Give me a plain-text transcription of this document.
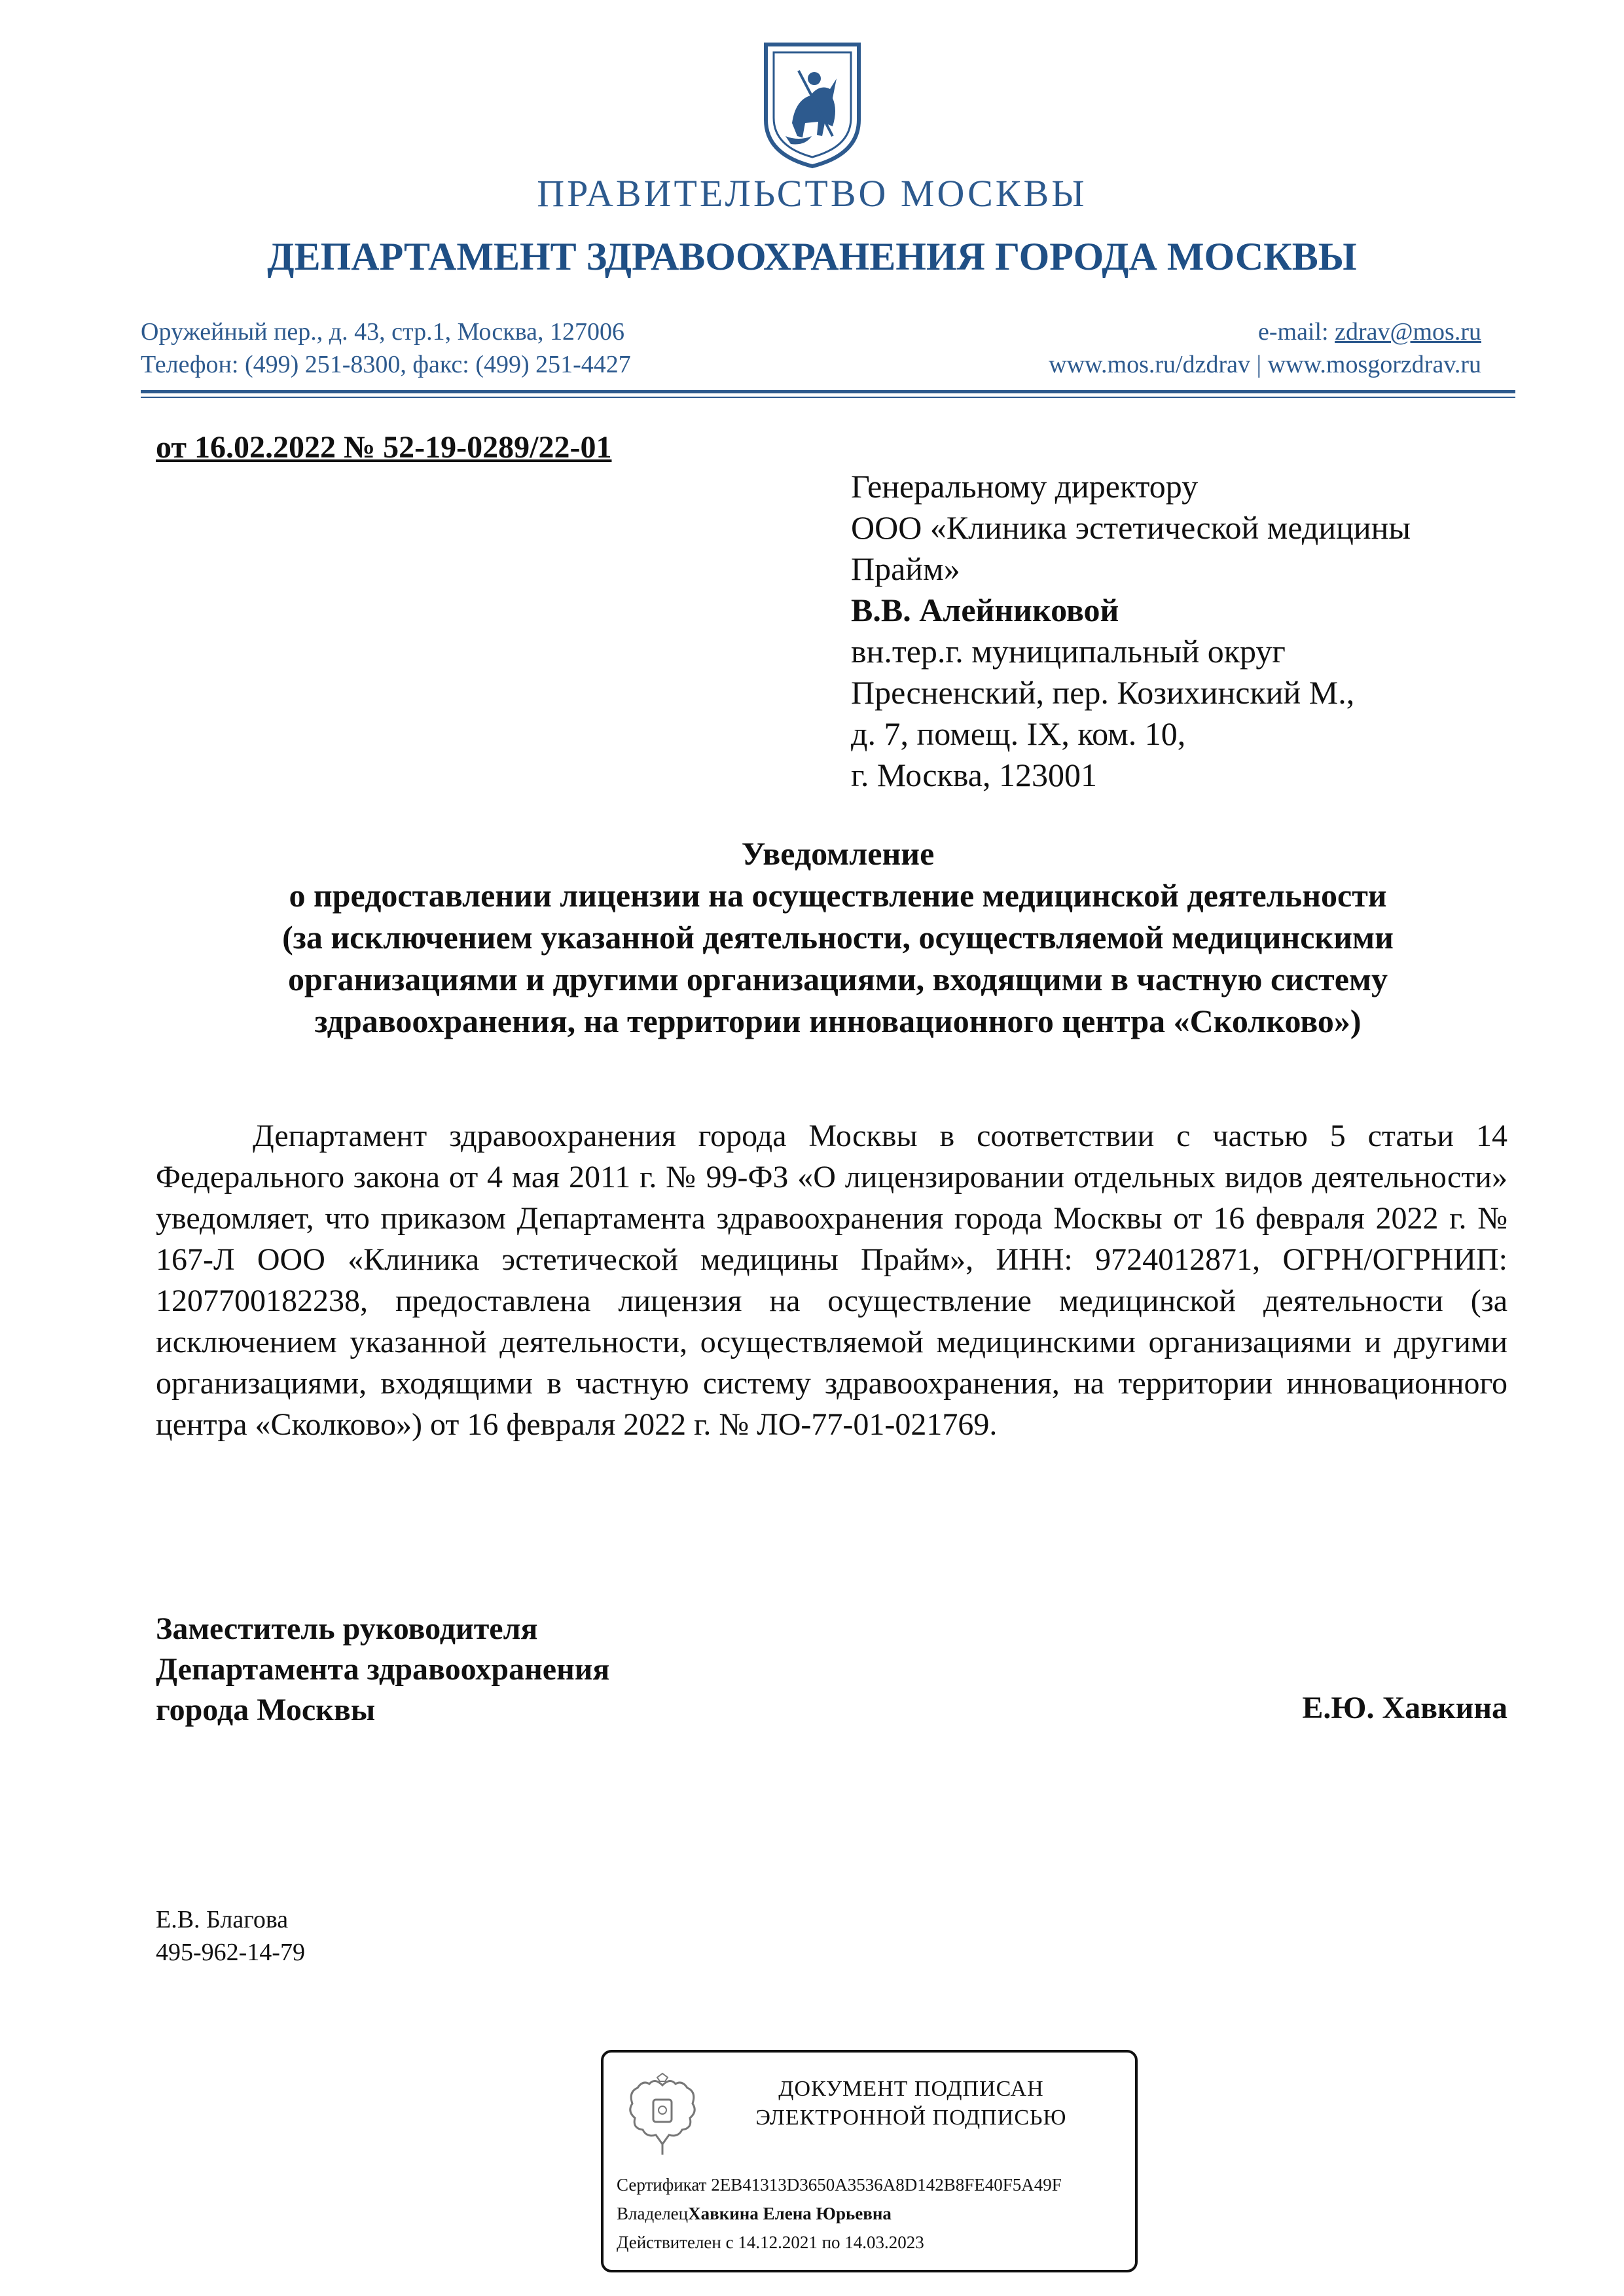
ПРАВИТЕЛЬСТВО МОСКВЫ
ДЕПАРТАМЕНТ ЗДРАВООХРАНЕНИЯ ГОРОДА МОСКВЫ
Оружейный пер., д. 43, стр.1, Москва, 127006
Телефон: (499) 251-8300, факс: (499) 251-4427
e-mail: zdrav@mos.ru
www.mos.ru/dzdrav | www.mosgorzdrav.ru
от 16.02.2022 № 52-19-0289/22-01
Генеральному директору
ООО «Клиника эстетической медицины
Прайм»
В.В. Алейниковой
вн.тер.г. муниципальный округ
Пресненский, пер. Козихинский М.,
д. 7, помещ. IX, ком. 10,
г. Москва, 123001
Уведомление
о предоставлении лицензии на осуществление медицинской деятельности
(за исключением указанной деятельности, осуществляемой медицинскими
организациями и другими организациями, входящими в частную систему
здравоохранения, на территории инновационного центра «Сколково»)
Департамент здравоохранения города Москвы в соответствии с частью 5 статьи 14 Федерального закона от 4 мая 2011 г. № 99-ФЗ «О лицензировании отдельных видов деятельности» уведомляет, что приказом Департамента здравоохранения города Москвы от 16 февраля 2022 г. № 167-Л ООО «Клиника эстетической медицины Прайм», ИНН: 9724012871, ОГРН/ОГРНИП: 1207700182238, предоставлена лицензия на осуществление медицинской деятельности (за исключением указанной деятельности, осуществляемой медицинскими организациями и другими организациями, входящими в частную систему здравоохранения, на территории инновационного центра «Сколково») от 16 февраля 2022 г. № ЛО-77-01-021769.
Заместитель руководителя
Департамента здравоохранения
города Москвы	Е.Ю. Хавкина
Е.В. Благова
495-962-14-79
ДОКУМЕНТ ПОДПИСАН
ЭЛЕКТРОННОЙ ПОДПИСЬЮ
Сертификат 2EB41313D3650A3536A8D142B8FE40F5A49F
ВладелецХавкина Елена Юрьевна
Действителен с 14.12.2021 по 14.03.2023
